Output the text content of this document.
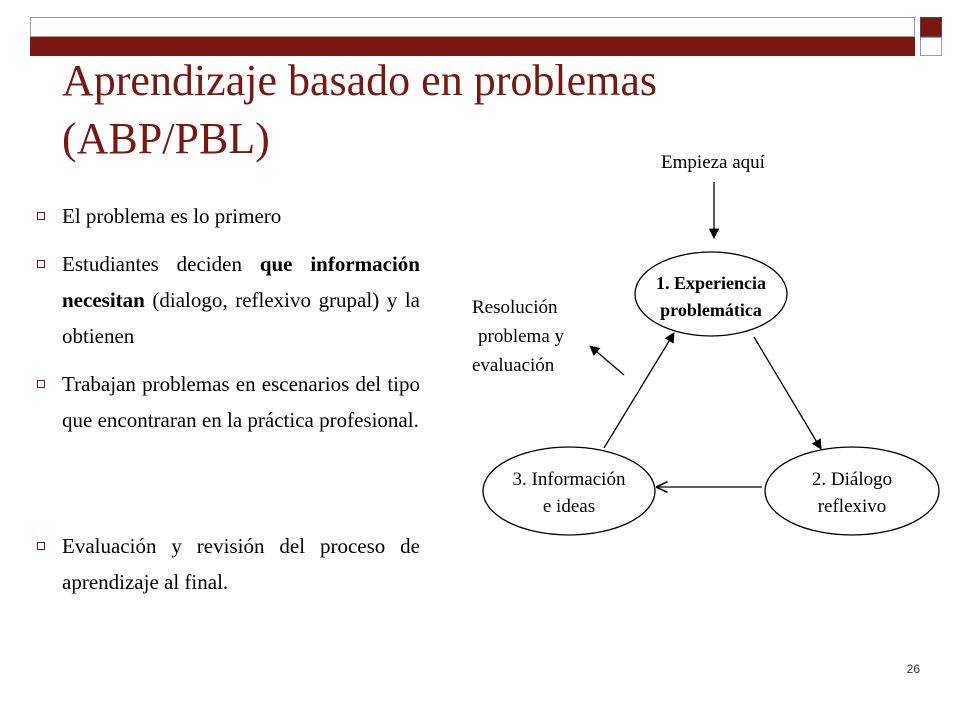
Aprendizaje basado en problemas (ABP/PBL)
El problema es lo primero
Estudiantes deciden que información necesitan (dialogo, reflexivo grupal) y la obtienen
Trabajan problemas en escenarios del tipo que encontraran en la práctica profesional.
Evaluación y revisión del proceso de aprendizaje al final.
Empieza aquí
1. Experiencia
problemática
2. Diálogo
reflexivo
3. Información
e ideas
Resolución
problema y
evaluación
26
